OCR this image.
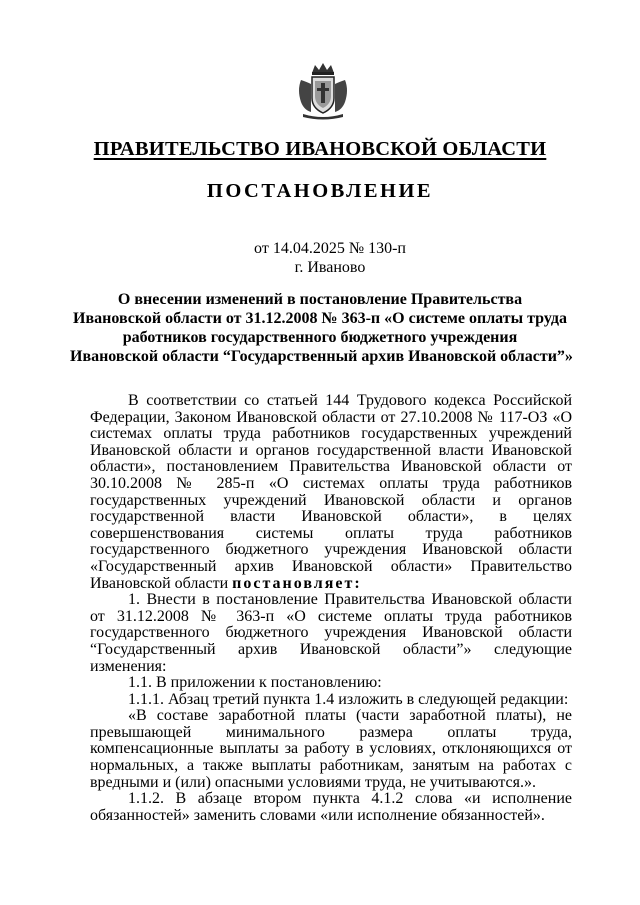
ПРАВИТЕЛЬСТВО ИВАНОВСКОЙ ОБЛАСТИ
ПОСТАНОВЛЕНИЕ
от 14.04.2025 № 130-п
г. Иваново
О внесении изменений в постановление Правительства
Ивановской области от 31.12.2008 № 363-п «О системе оплаты труда
работников государственного бюджетного учреждения
Ивановской области “Государственный архив Ивановской области”»

В соответствии со статьей 144 Трудового кодекса Российской Федерации, Законом Ивановской области от 27.10.2008 № 117-ОЗ «О системах оплаты труда работников государственных учреждений Ивановской области и органов государственной власти Ивановской области», постановлением Правительства Ивановской области от 30.10.2008 № 285-п «О системах оплаты труда работников государственных учреждений Ивановской области и органов государственной власти Ивановской области», в целях совершенствования системы оплаты труда работников государственного бюджетного учреждения Ивановской области «Государственный архив Ивановской области» Правительство Ивановской области постановляет:

1. Внести в постановление Правительства Ивановской области от 31.12.2008 № 363-п «О системе оплаты труда работников государственного бюджетного учреждения Ивановской области “Государственный архив Ивановской области”» следующие изменения:

1.1. В приложении к постановлению:

1.1.1. Абзац третий пункта 1.4 изложить в следующей редакции:

«В составе заработной платы (части заработной платы), не превышающей минимального размера оплаты труда, компенсационные выплаты за работу в условиях, отклоняющихся от нормальных, а также выплаты работникам, занятым на работах с вредными и (или) опасными условиями труда, не учитываются.».

1.1.2. В абзаце втором пункта 4.1.2 слова «и исполнение обязанностей» заменить словами «или исполнение обязанностей».
